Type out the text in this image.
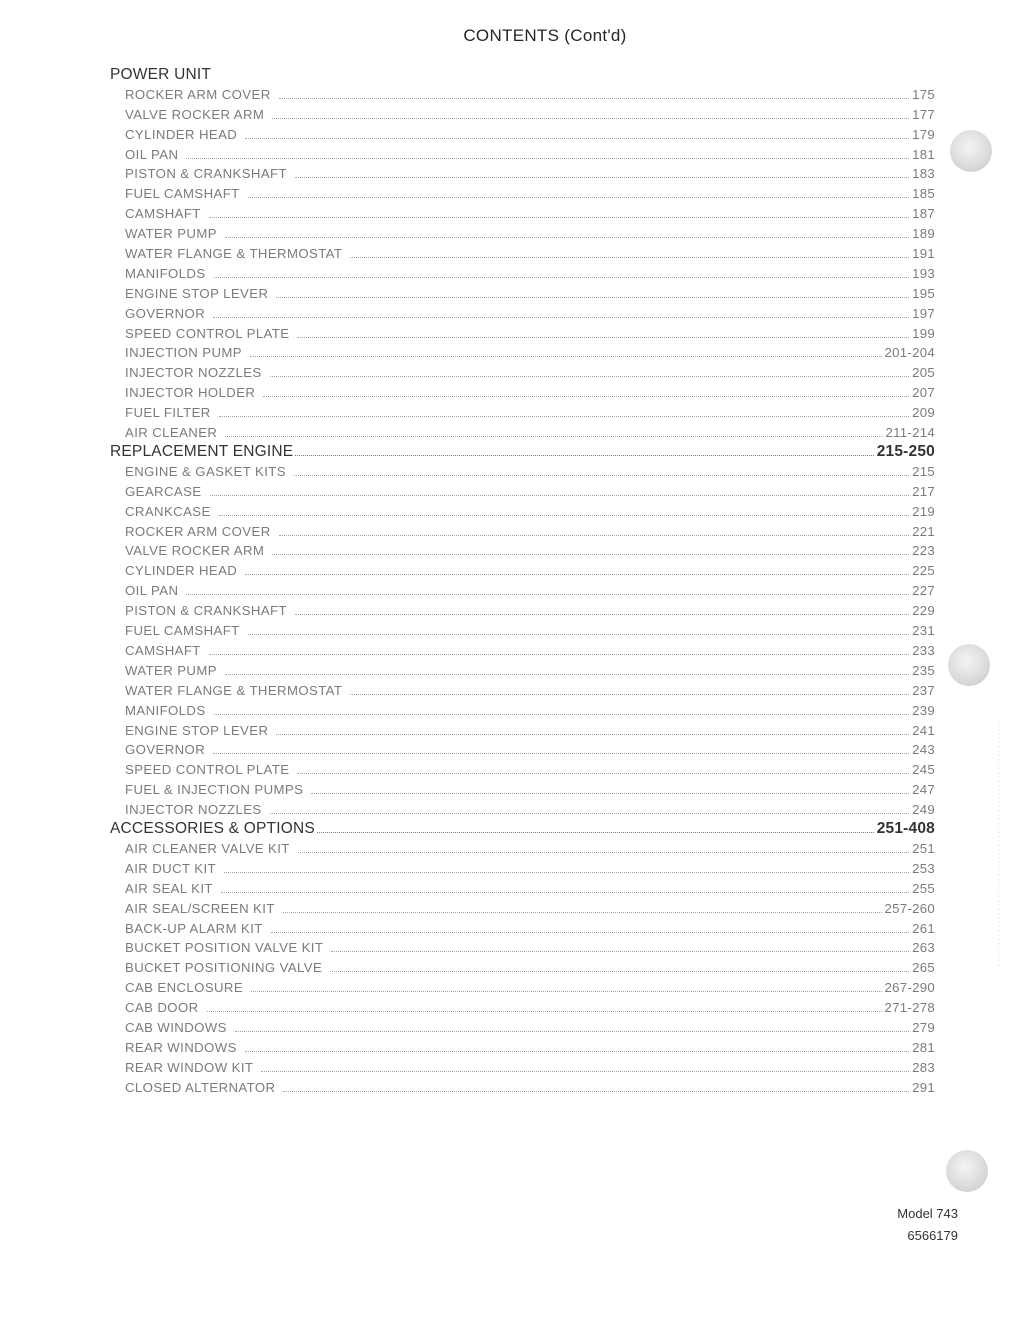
CONTENTS (Cont'd)
POWER UNIT
ROCKER ARM COVER	175
VALVE ROCKER ARM	177
CYLINDER HEAD	179
OIL PAN	181
PISTON & CRANKSHAFT	183
FUEL CAMSHAFT	185
CAMSHAFT	187
WATER PUMP	189
WATER FLANGE & THERMOSTAT	191
MANIFOLDS	193
ENGINE STOP LEVER	195
GOVERNOR	197
SPEED CONTROL PLATE	199
INJECTION PUMP	201-204
INJECTOR NOZZLES	205
INJECTOR HOLDER	207
FUEL FILTER	209
AIR CLEANER	211-214
REPLACEMENT ENGINE	215-250
ENGINE & GASKET KITS	215
GEARCASE	217
CRANKCASE	219
ROCKER ARM COVER	221
VALVE ROCKER ARM	223
CYLINDER HEAD	225
OIL PAN	227
PISTON & CRANKSHAFT	229
FUEL CAMSHAFT	231
CAMSHAFT	233
WATER PUMP	235
WATER FLANGE & THERMOSTAT	237
MANIFOLDS	239
ENGINE STOP LEVER	241
GOVERNOR	243
SPEED CONTROL PLATE	245
FUEL & INJECTION PUMPS	247
INJECTOR NOZZLES	249
ACCESSORIES & OPTIONS	251-408
AIR CLEANER VALVE KIT	251
AIR DUCT KIT	253
AIR SEAL KIT	255
AIR SEAL/SCREEN KIT	257-260
BACK-UP ALARM KIT	261
BUCKET POSITION VALVE KIT	263
BUCKET POSITIONING VALVE	265
CAB ENCLOSURE	267-290
CAB DOOR	271-278
CAB WINDOWS	279
REAR WINDOWS	281
REAR WINDOW KIT	283
CLOSED ALTERNATOR	291
· · · · · · · · · · · · · · · · · · · · · · · · · · · · · · · · · · · · · · · · · · · · · · · · · · · · · · · · · ·
Model 743
6566179
